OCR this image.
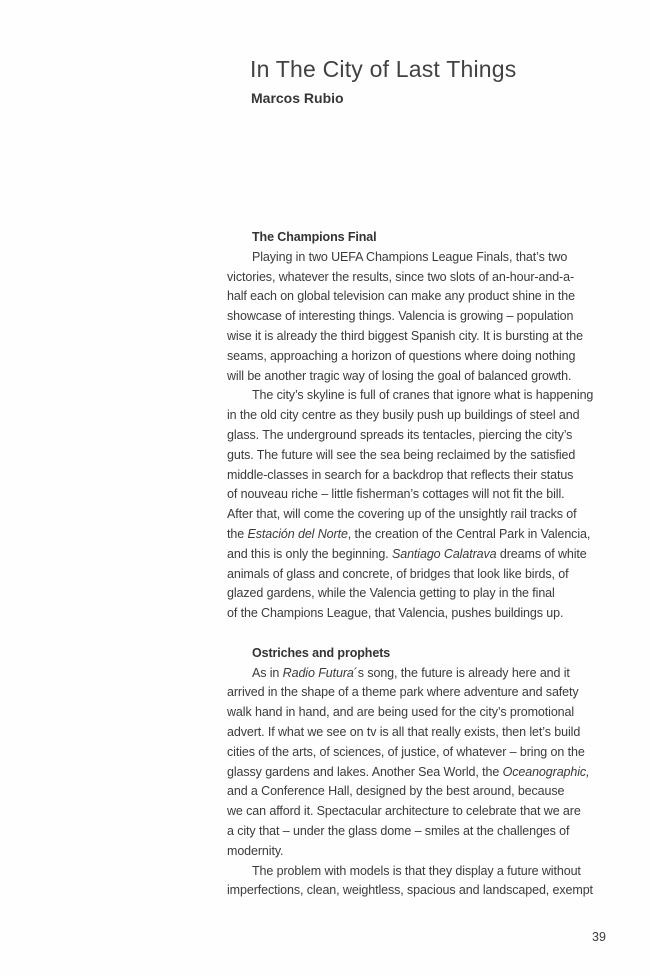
In The City of Last Things
Marcos Rubio
The Champions Final
Playing in two UEFA Champions League Finals, that’s two
victories, whatever the results, since two slots of an-hour-and-a-
half each on global television can make any product shine in the
showcase of interesting things. Valencia is growing – population
wise it is already the third biggest Spanish city. It is bursting at the
seams, approaching a horizon of questions where doing nothing
will be another tragic way of losing the goal of balanced growth.
The city’s skyline is full of cranes that ignore what is happening
in the old city centre as they busily push up buildings of steel and
glass. The underground spreads its tentacles, piercing the city’s
guts. The future will see the sea being reclaimed by the satisfied
middle-classes in search for a backdrop that reflects their status
of nouveau riche – little fisherman’s cottages will not fit the bill.
After that, will come the covering up of the unsightly rail tracks of
the Estación del Norte, the creation of the Central Park in Valencia,
and this is only the beginning. Santiago Calatrava dreams of white
animals of glass and concrete, of bridges that look like birds, of
glazed gardens, while the Valencia getting to play in the final
of the Champions League, that Valencia, pushes buildings up.
Ostriches and prophets
As in Radio Futura´s song, the future is already here and it
arrived in the shape of a theme park where adventure and safety
walk hand in hand, and are being used for the city’s promotional
advert. If what we see on tv is all that really exists, then let’s build
cities of the arts, of sciences, of justice, of whatever – bring on the
glassy gardens and lakes. Another Sea World, the Oceanographic,
and a Conference Hall, designed by the best around, because
we can afford it. Spectacular architecture to celebrate that we are
a city that – under the glass dome – smiles at the challenges of
modernity.
The problem with models is that they display a future without
imperfections, clean, weightless, spacious and landscaped, exempt
39
